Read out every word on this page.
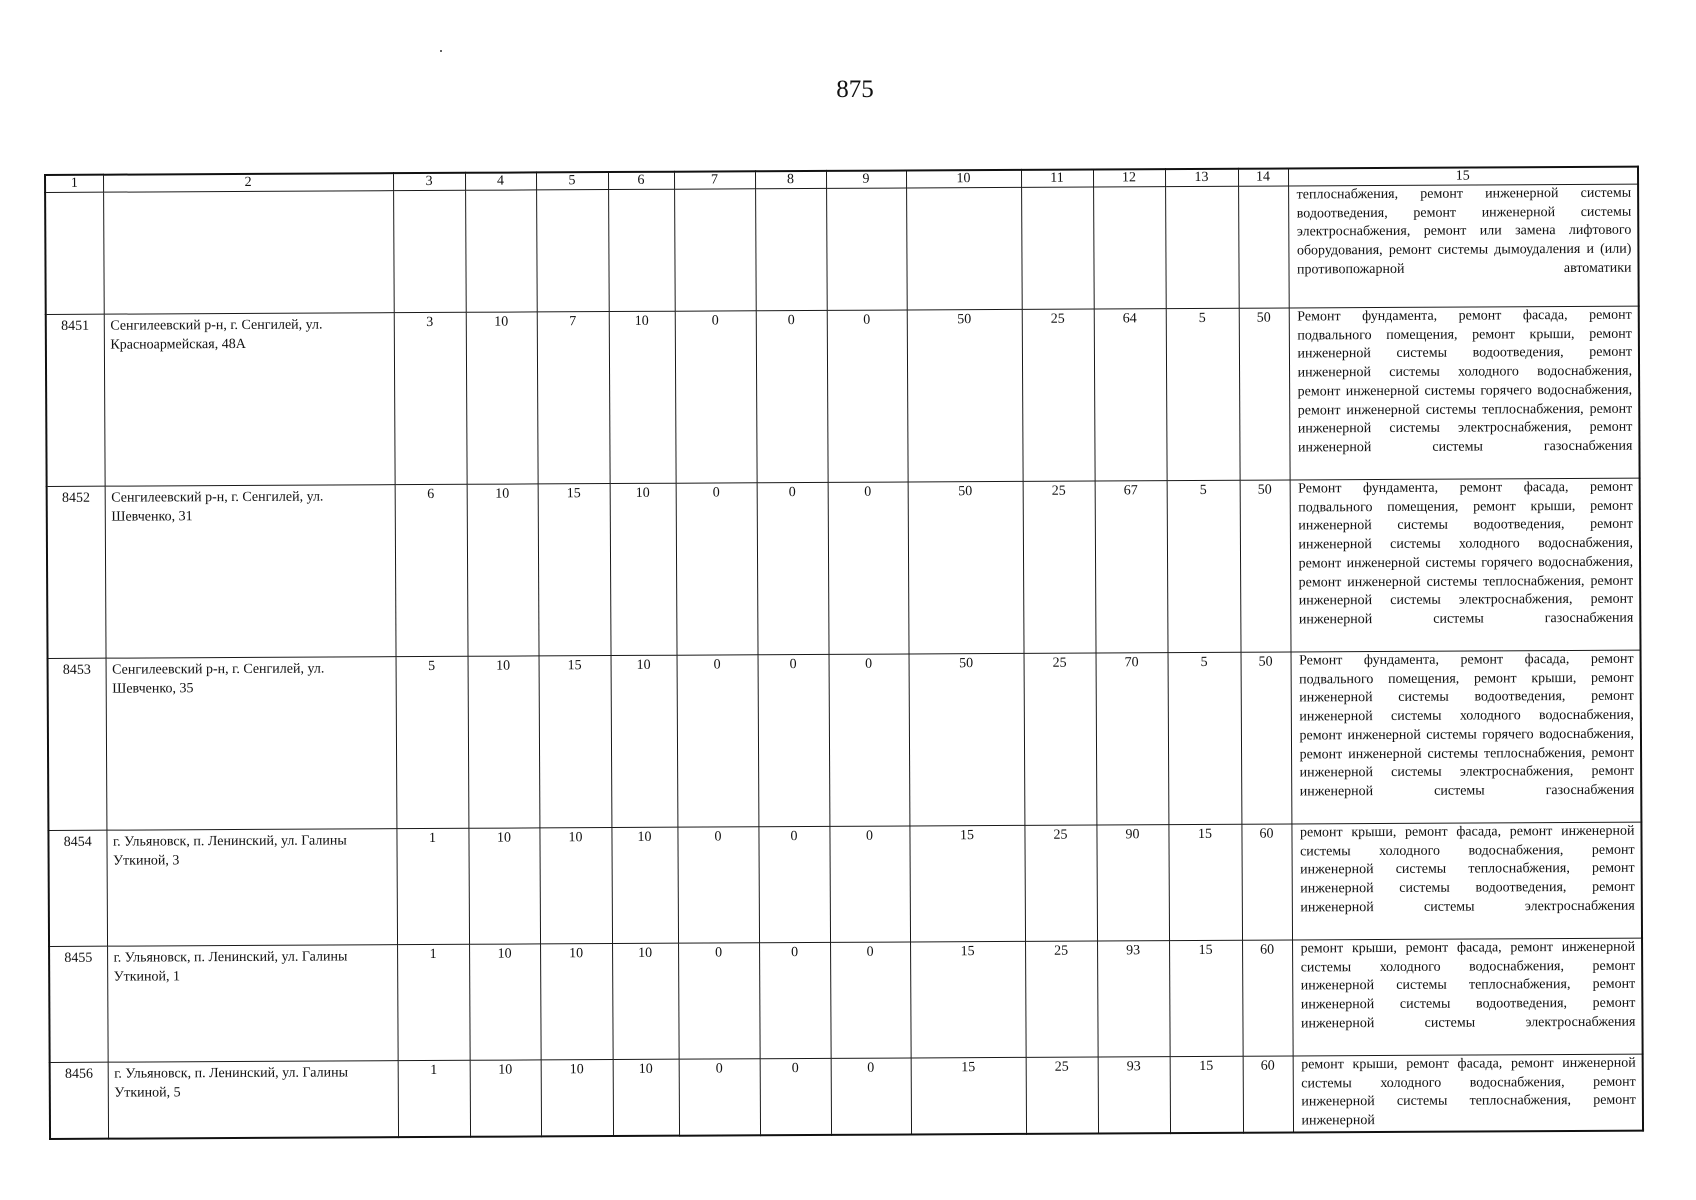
875
1	2	3	4	5	6	7	8	9	10	11	12	13	14	15
														теплоснабжения, ремонт инженерной системы водоотведения, ремонт инженерной системы электроснабжения, ремонт или замена лифтового оборудования, ремонт системы дымоудаления и (или) противопожарной автоматики
8451	Сенгилеевский р-н, г. Сенгилей, ул. Красноармейская, 48А	3	10	7	10	0	0	0	50	25	64	5	50	Ремонт фундамента, ремонт фасада, ремонт подвального помещения, ремонт крыши, ремонт инженерной системы водоотведения, ремонт инженерной системы холодного водоснабжения, ремонт инженерной системы горячего водоснабжения, ремонт инженерной системы теплоснабжения, ремонт инженерной системы электроснабжения, ремонт инженерной системы газоснабжения
8452	Сенгилеевский р-н, г. Сенгилей, ул. Шевченко, 31	6	10	15	10	0	0	0	50	25	67	5	50	Ремонт фундамента, ремонт фасада, ремонт подвального помещения, ремонт крыши, ремонт инженерной системы водоотведения, ремонт инженерной системы холодного водоснабжения, ремонт инженерной системы горячего водоснабжения, ремонт инженерной системы теплоснабжения, ремонт инженерной системы электроснабжения, ремонт инженерной системы газоснабжения
8453	Сенгилеевский р-н, г. Сенгилей, ул. Шевченко, 35	5	10	15	10	0	0	0	50	25	70	5	50	Ремонт фундамента, ремонт фасада, ремонт подвального помещения, ремонт крыши, ремонт инженерной системы водоотведения, ремонт инженерной системы холодного водоснабжения, ремонт инженерной системы горячего водоснабжения, ремонт инженерной системы теплоснабжения, ремонт инженерной системы электроснабжения, ремонт инженерной системы газоснабжения
8454	г. Ульяновск, п. Ленинский, ул. Галины Уткиной, 3	1	10	10	10	0	0	0	15	25	90	15	60	ремонт крыши, ремонт фасада, ремонт инженерной системы холодного водоснабжения, ремонт инженерной системы теплоснабжения, ремонт инженерной системы водоотведения, ремонт инженерной системы электроснабжения
8455	г. Ульяновск, п. Ленинский, ул. Галины Уткиной, 1	1	10	10	10	0	0	0	15	25	93	15	60	ремонт крыши, ремонт фасада, ремонт инженерной системы холодного водоснабжения, ремонт инженерной системы теплоснабжения, ремонт инженерной системы водоотведения, ремонт инженерной системы электроснабжения
8456	г. Ульяновск, п. Ленинский, ул. Галины Уткиной, 5	1	10	10	10	0	0	0	15	25	93	15	60	ремонт крыши, ремонт фасада, ремонт инженерной системы холодного водоснабжения, ремонт инженерной системы теплоснабжения, ремонт инженерной
